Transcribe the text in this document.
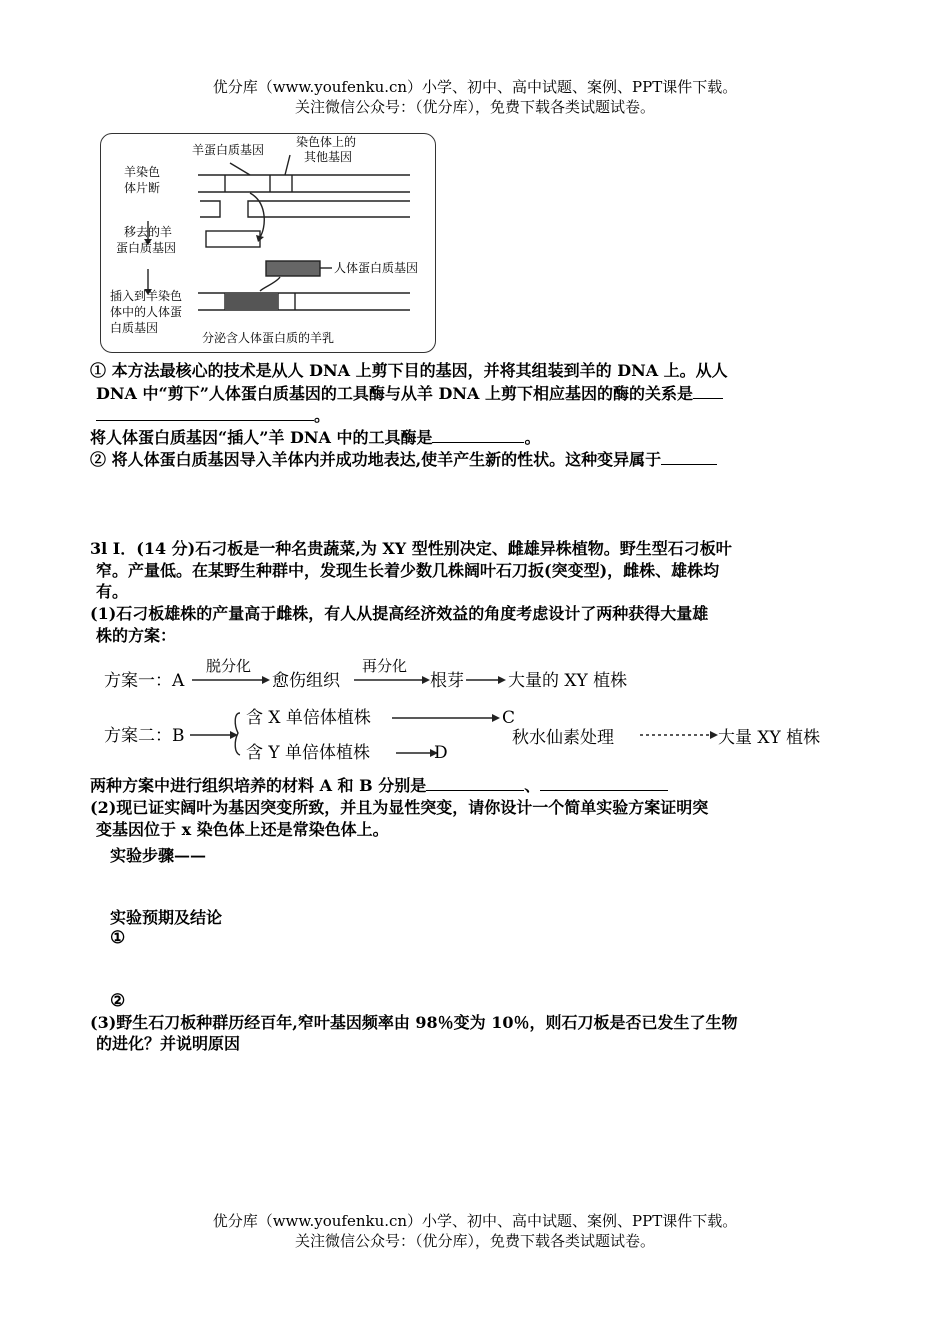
优分库（www.youfenku.cn）小学、初中、高中试题、案例、PPT课件下载。
关注微信公众号：（优分库），免费下载各类试题试卷。
羊蛋白质基因
染色体上的
其他基因
羊染色
体片断
移去的羊
蛋白质基因
人体蛋白质基因
插入到羊染色
体中的人体蛋
白质基因
分泌含人体蛋白质的羊乳
① 本方法最核心的技术是从人 DNA 上剪下目的基因，并将其组装到羊的 DNA 上。从人
DNA 中“剪下”人体蛋白质基因的工具酶与从羊 DNA 上剪下相应基因的酶的关系是
。
将人体蛋白质基因“插人”羊 DNA 中的工具酶是	。
② 将人体蛋白质基因导入羊体内并成功地表达,使羊产生新的性状。这种变异属于
3l I．(14 分)石刁板是一种名贵蔬菜,为 XY 型性别决定、雌雄异株植物。野生型石刁板叶
窄。产量低。在某野生种群中，发现生长着少数几株阔叶石刀扳(突变型)，雌株、雄株均
有。
(1)石刁板雄株的产量高于雌株，有人从提高经济效益的角度考虑设计了两种获得大量雄
株的方案：
方案一：A
脱分化
愈伤组织
再分化
根芽	大量的 XY 植株
方案二：B
含 X 单倍体植株	C
含 Y 单倍体植株	D
秋水仙素处理	大量 XY 植株
两种方案中进行组织培养的材料 A 和 B 分别是	、
(2)现已证实阔叶为基因突变所致，并且为显性突变，请你设计一个简单实验方案证明突
变基因位于 x 染色体上还是常染色体上。
实验步骤——
实验预期及结论
①
②
(3)野生石刀板种群历经百年,窄叶基因频率由 98％变为 10％，则石刀板是否已发生了生物
的进化？并说明原因
优分库（www.youfenku.cn）小学、初中、高中试题、案例、PPT课件下载。
关注微信公众号：（优分库），免费下载各类试题试卷。
